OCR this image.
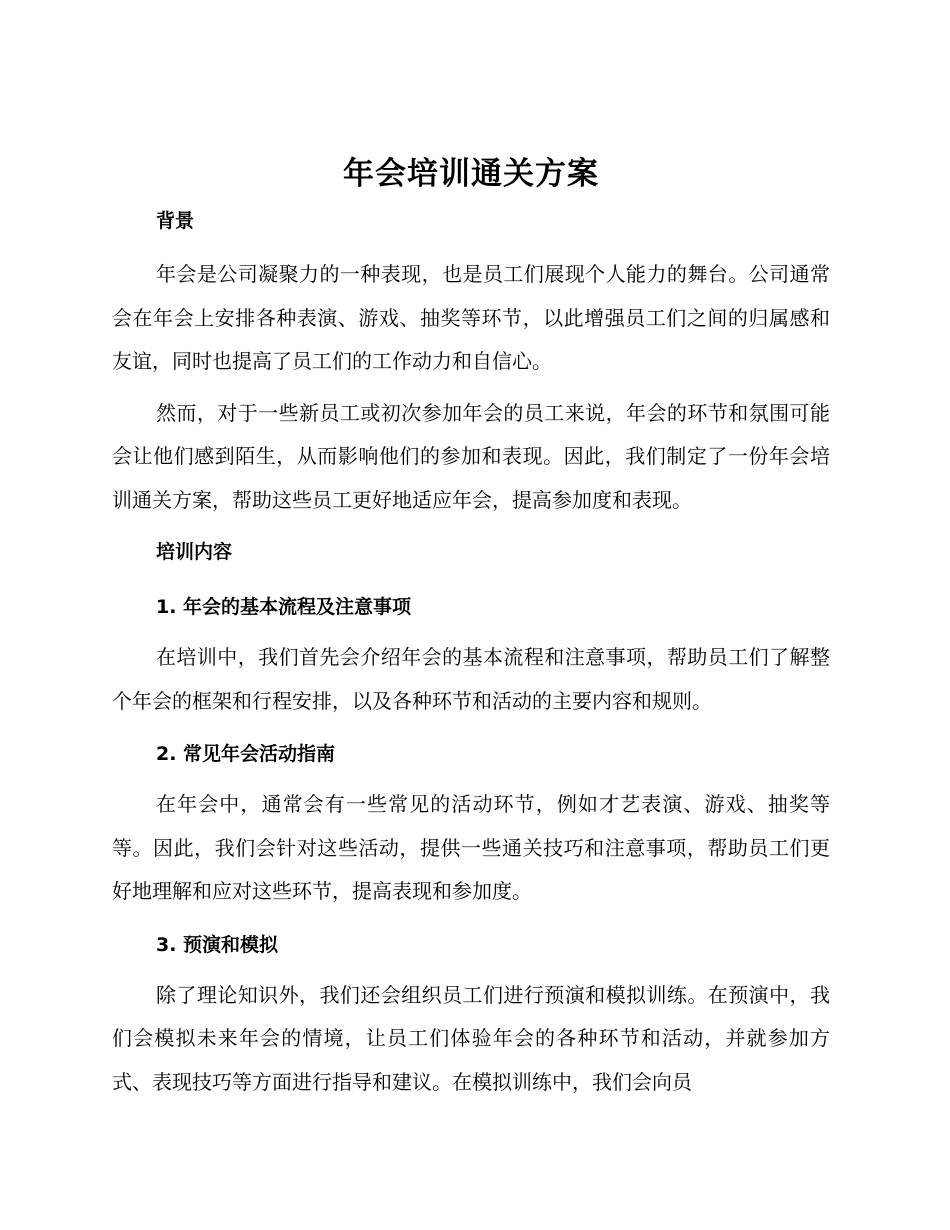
年会培训通关方案
背景

年会是公司凝聚力的一种表现，也是员工们展现个人能力的舞台。公司通常会在年会上安排各种表演、游戏、抽奖等环节，以此增强员工们之间的归属感和友谊，同时也提高了员工们的工作动力和自信心。

然而，对于一些新员工或初次参加年会的员工来说，年会的环节和氛围可能会让他们感到陌生，从而影响他们的参加和表现。因此，我们制定了一份年会培训通关方案，帮助这些员工更好地适应年会，提高参加度和表现。

培训内容
1. 年会的基本流程及注意事项

在培训中，我们首先会介绍年会的基本流程和注意事项，帮助员工们了解整个年会的框架和行程安排，以及各种环节和活动的主要内容和规则。

2. 常见年会活动指南

在年会中，通常会有一些常见的活动环节，例如才艺表演、游戏、抽奖等等。因此，我们会针对这些活动，提供一些通关技巧和注意事项，帮助员工们更好地理解和应对这些环节，提高表现和参加度。

3. 预演和模拟

除了理论知识外，我们还会组织员工们进行预演和模拟训练。在预演中，我们会模拟未来年会的情境，让员工们体验年会的各种环节和活动，并就参加方式、表现技巧等方面进行指导和建议。在模拟训练中，我们会向员
